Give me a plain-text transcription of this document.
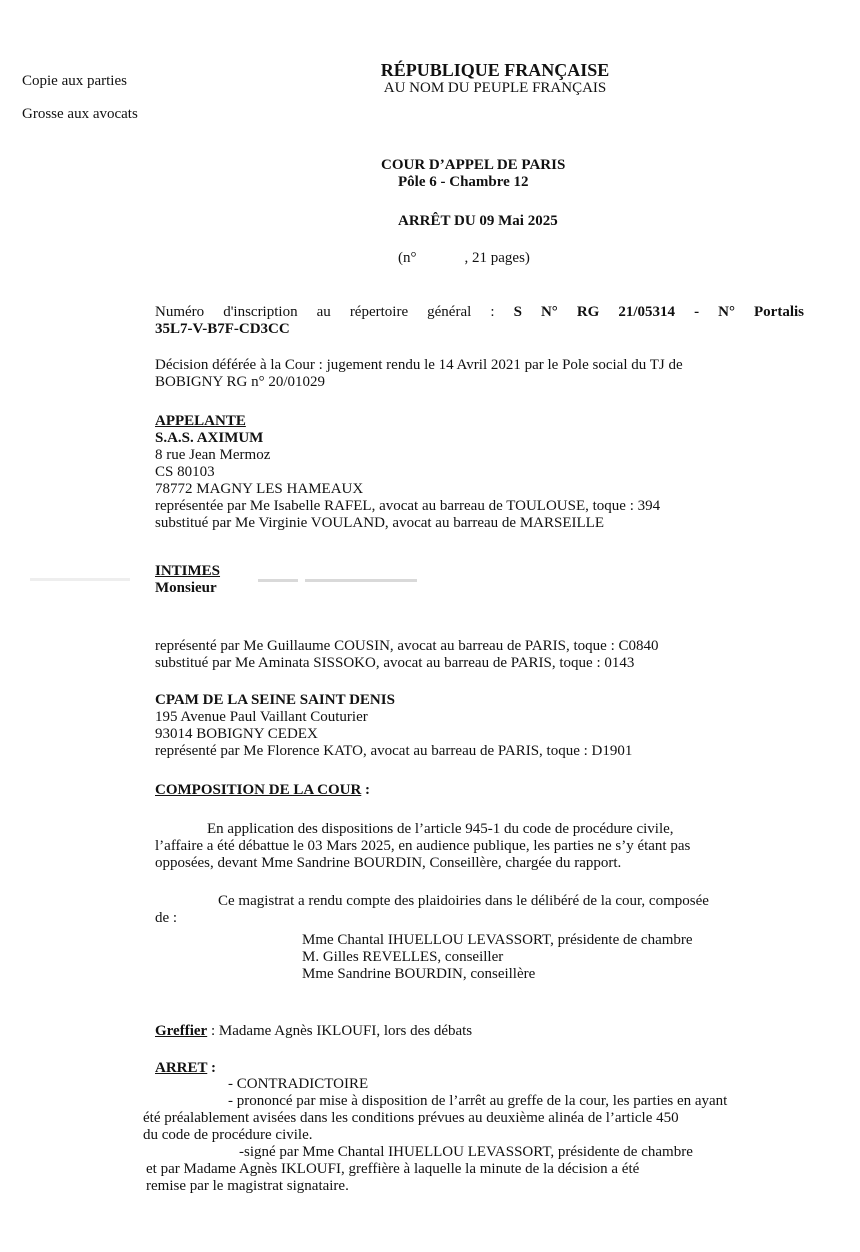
Copie aux parties
Grosse aux avocats
RÉPUBLIQUE FRANÇAISE
AU NOM DU PEUPLE FRANÇAIS
COUR D’APPEL DE PARIS
Pôle 6 - Chambre 12
ARRÊT DU 09 Mai 2025
(n°	, 21 pages)
Numéro d'inscription au répertoire général : S N° RG 21/05314 - N° Portalis
35L7-V-B7F-CD3CC
Décision déférée à la Cour : jugement rendu le 14 Avril 2021 par le Pole social du TJ de
BOBIGNY RG n° 20/01029
APPELANTE
S.A.S. AXIMUM
8 rue Jean Mermoz
CS 80103
78772 MAGNY LES HAMEAUX
représentée par Me Isabelle RAFEL, avocat au barreau de TOULOUSE, toque : 394
substitué par Me Virginie VOULAND, avocat au barreau de MARSEILLE
INTIMES
Monsieur
représenté par Me Guillaume COUSIN, avocat au barreau de PARIS, toque : C0840
substitué par Me Aminata SISSOKO, avocat au barreau de PARIS, toque : 0143
CPAM DE LA SEINE SAINT DENIS
195 Avenue Paul Vaillant Couturier
93014 BOBIGNY CEDEX
représenté par Me Florence KATO, avocat au barreau de PARIS, toque : D1901
COMPOSITION DE LA COUR :
En application des dispositions de l’article 945-1 du code de procédure civile,
l’affaire a été débattue le 03 Mars 2025, en audience publique, les parties ne s’y étant pas
opposées, devant Mme Sandrine BOURDIN, Conseillère, chargée du rapport.
Ce magistrat a rendu compte des plaidoiries dans le délibéré de la cour, composée
de :
Mme Chantal IHUELLOU LEVASSORT, présidente de chambre
M. Gilles REVELLES, conseiller
Mme Sandrine BOURDIN, conseillère
Greffier : Madame Agnès IKLOUFI, lors des débats
ARRET :
- CONTRADICTOIRE
- prononcé par mise à disposition de l’arrêt au greffe de la cour, les parties en ayant
été préalablement avisées dans les conditions prévues au deuxième alinéa de l’article 450
du code de procédure civile.
-signé par Mme Chantal IHUELLOU LEVASSORT, présidente de chambre
et par Madame Agnès IKLOUFI, greffière à laquelle la minute de la décision a été
remise par le magistrat signataire.
